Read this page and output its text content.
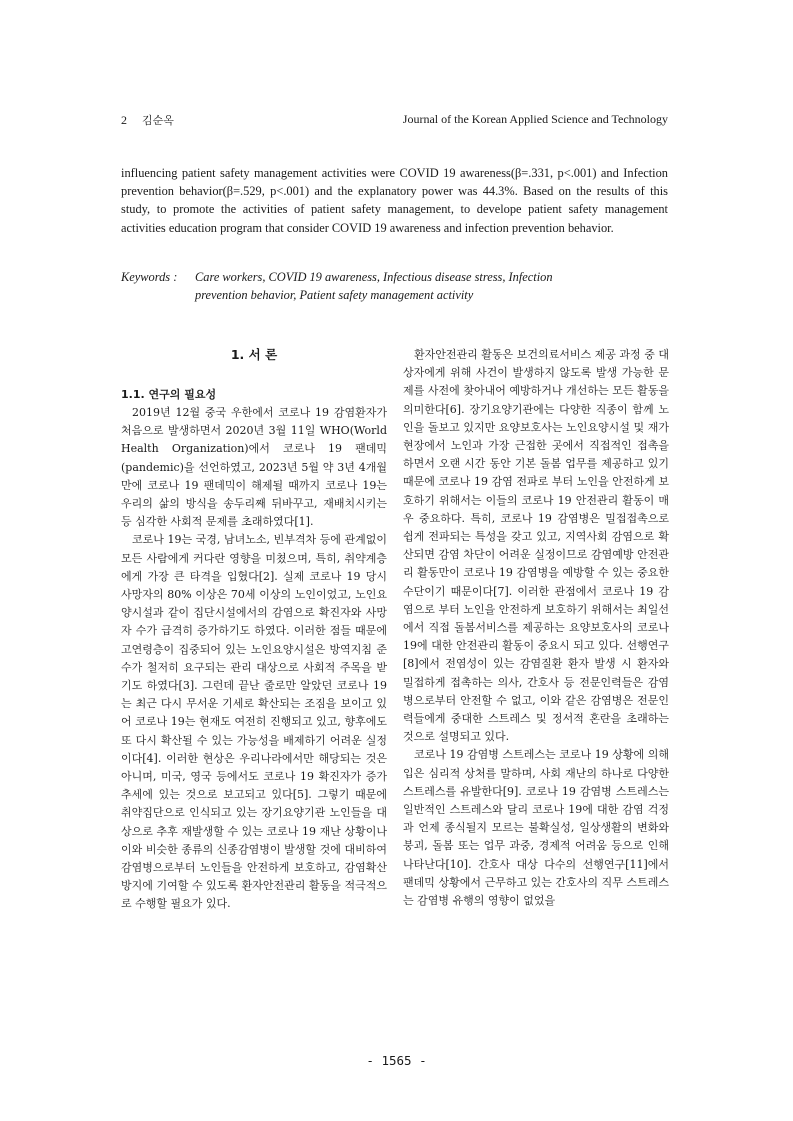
2 김순옥	Journal of the Korean Applied Science and Technology

influencing patient safety management activities were COVID 19 awareness(β=.331, p<.001) and Infection prevention behavior(β=.529, p<.001) and the explanatory power was 44.3%. Based on the results of this study, to promote the activities of patient safety management, to develope patient safety management activities education program that consider COVID 19 awareness and infection prevention behavior.

Keywords : Care workers, COVID 19 awareness, Infectious disease stress, Infection
prevention behavior, Patient safety management activity
1. 서 론
1.1. 연구의 필요성

2019년 12월 중국 우한에서 코로나 19 감염환자가 처음으로 발생하면서 2020년 3월 11일 WHO(World Health Organization)에서 코로나 19 팬데믹(pandemic)을 선언하였고, 2023년 5월 약 3년 4개월 만에 코로나 19 팬데믹이 해제될 때까지 코로나 19는 우리의 삶의 방식을 송두리째 뒤바꾸고, 재배치시키는 등 심각한 사회적 문제를 초래하였다[1].

코로나 19는 국경, 남녀노소, 빈부격차 등에 관계없이 모든 사람에게 커다란 영향을 미쳤으며, 특히, 취약계층에게 가장 큰 타격을 입혔다[2]. 실제 코로나 19 당시 사망자의 80% 이상은 70세 이상의 노인이었고, 노인요양시설과 같이 집단시설에서의 감염으로 확진자와 사망자 수가 급격히 증가하기도 하였다. 이러한 점들 때문에 고연령층이 집중되어 있는 노인요양시설은 방역지침 준수가 철저히 요구되는 관리 대상으로 사회적 주목을 받기도 하였다[3]. 그런데 끝난 줄로만 알았던 코로나 19는 최근 다시 무서운 기세로 확산되는 조짐을 보이고 있어 코로나 19는 현재도 여전히 진행되고 있고, 향후에도 또 다시 확산될 수 있는 가능성을 배제하기 어려운 실정이다[4]. 이러한 현상은 우리나라에서만 해당되는 것은 아니며, 미국, 영국 등에서도 코로나 19 확진자가 증가추세에 있는 것으로 보고되고 있다[5]. 그렇기 때문에 취약집단으로 인식되고 있는 장기요양기관 노인들을 대상으로 추후 재발생할 수 있는 코로나 19 재난 상황이나 이와 비슷한 종류의 신종감염병이 발생할 것에 대비하여 감염병으로부터 노인들을 안전하게 보호하고, 감염확산 방지에 기여할 수 있도록 환자안전관리 활동을 적극적으로 수행할 필요가 있다.

환자안전관리 활동은 보건의료서비스 제공 과정 중 대상자에게 위해 사건이 발생하지 않도록 발생 가능한 문제를 사전에 찾아내어 예방하거나 개선하는 모든 활동을 의미한다[6]. 장기요양기관에는 다양한 직종이 함께 노인을 돌보고 있지만 요양보호사는 노인요양시설 및 재가 현장에서 노인과 가장 근접한 곳에서 직접적인 접촉을 하면서 오랜 시간 동안 기본 돌봄 업무를 제공하고 있기 때문에 코로나 19 감염 전파로 부터 노인을 안전하게 보호하기 위해서는 이들의 코로나 19 안전관리 활동이 매우 중요하다. 특히, 코로나 19 감염병은 밀접접촉으로 쉽게 전파되는 특성을 갖고 있고, 지역사회 감염으로 확산되면 감염 차단이 어려운 실정이므로 감염예방 안전관리 활동만이 코로나 19 감염병을 예방할 수 있는 중요한 수단이기 때문이다[7]. 이러한 관점에서 코로나 19 감염으로 부터 노인을 안전하게 보호하기 위해서는 최일선에서 직접 돌봄서비스를 제공하는 요양보호사의 코로나 19에 대한 안전관리 활동이 중요시 되고 있다. 선행연구[8]에서 전염성이 있는 감염질환 환자 발생 시 환자와 밀접하게 접촉하는 의사, 간호사 등 전문인력들은 감염병으로부터 안전할 수 없고, 이와 같은 감염병은 전문인력들에게 중대한 스트레스 및 정서적 혼란을 초래하는 것으로 설명되고 있다.

코로나 19 감염병 스트레스는 코로나 19 상황에 의해 입은 심리적 상처를 말하며, 사회 재난의 하나로 다양한 스트레스를 유발한다[9]. 코로나 19 감염병 스트레스는 일반적인 스트레스와 달리 코로나 19에 대한 감염 걱정과 언제 종식될지 모르는 불확실성, 일상생활의 변화와 붕괴, 돌봄 또는 업무 과중, 경제적 어려움 등으로 인해 나타난다[10]. 간호사 대상 다수의 선행연구[11]에서 팬데믹 상황에서 근무하고 있는 간호사의 직무 스트레스는 감염병 유행의 영향이 없었을

- 1565 -
